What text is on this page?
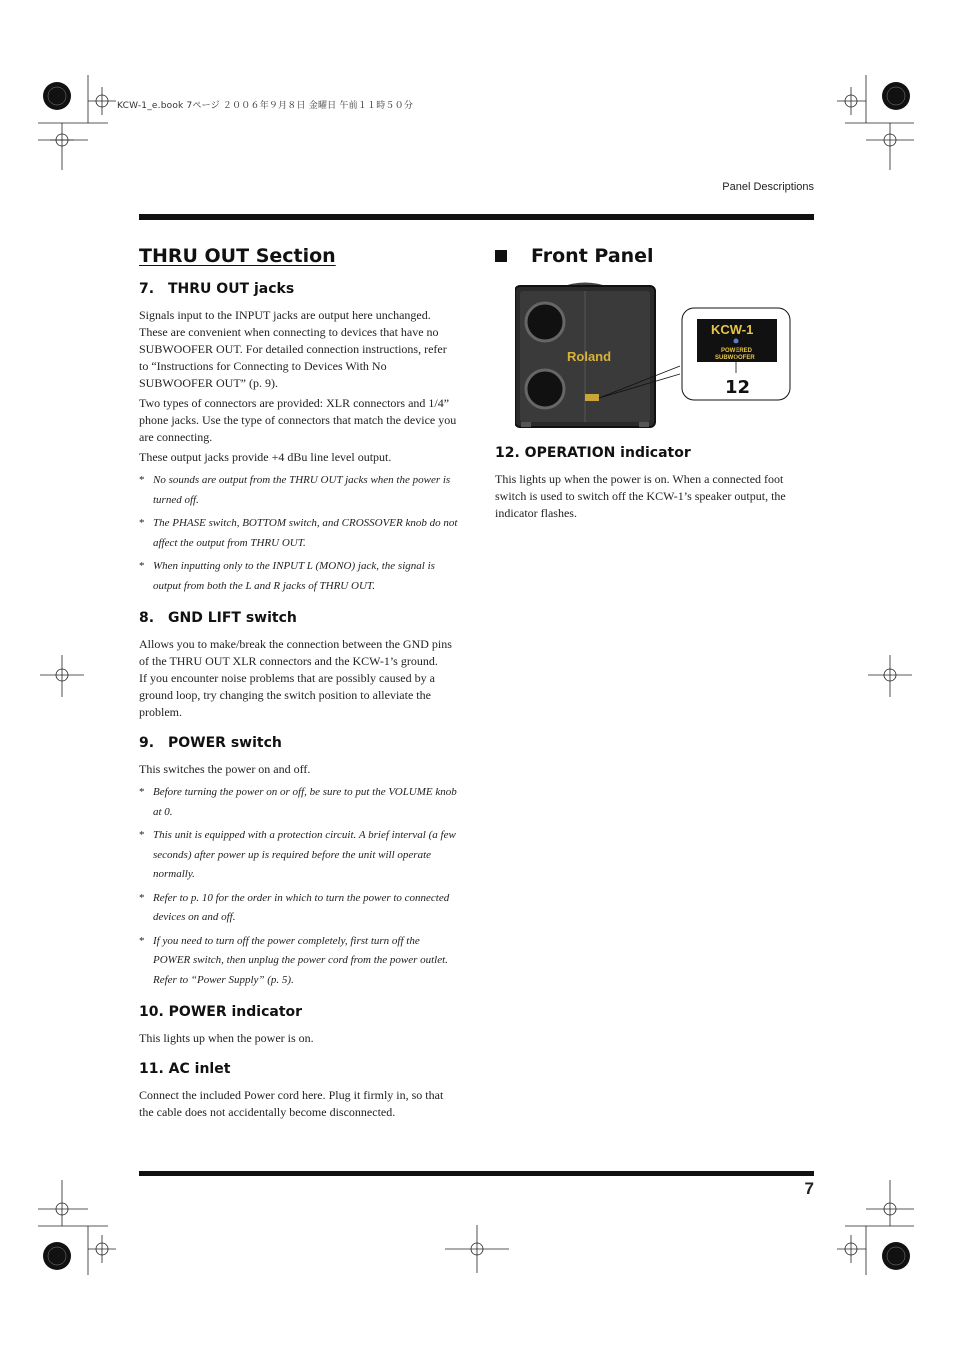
KCW-1_e.book 7ページ ２００６年９月８日 金曜日 午前１１時５０分
Panel Descriptions
THRU OUT Section
7. THRU OUT jacks

Signals input to the INPUT jacks are output here unchanged. These are convenient when connecting to devices that have no SUBWOOFER OUT. For detailed connection instructions, refer to “Instructions for Connecting to Devices With No SUBWOOFER OUT” (p. 9).

Two types of connectors are provided: XLR connectors and 1/4” phone jacks. Use the type of connectors that match the device you are connecting.

These output jacks provide +4 dBu line level output.

* No sounds are output from the THRU OUT jacks when the power is turned off.
* The PHASE switch, BOTTOM switch, and CROSSOVER knob do not affect the output from THRU OUT.
* When inputting only to the INPUT L (MONO) jack, the signal is output from both the L and R jacks of THRU OUT.
8. GND LIFT switch

Allows you to make/break the connection between the GND pins of the THRU OUT XLR connectors and the KCW-1’s ground.

If you encounter noise problems that are possibly caused by a ground loop, try changing the switch position to alleviate the problem.

9. POWER switch

This switches the power on and off.

* Before turning the power on or off, be sure to put the VOLUME knob at 0.
* This unit is equipped with a protection circuit. A brief interval (a few seconds) after power up is required before the unit will operate normally.
* Refer to p. 10 for the order in which to turn the power to connected devices on and off.
* If you need to turn off the power completely, first turn off the POWER switch, then unplug the power cord from the power outlet. Refer to “Power Supply” (p. 5).
10. POWER indicator

This lights up when the power is on.

11. AC inlet

Connect the included Power cord here. Plug it firmly in, so that the cable does not accidentally become disconnected.

Front Panel
Roland
KCW-1
POWERED
SUBWOOFER
12
12. OPERATION indicator

This lights up when the power is on. When a connected foot switch is used to switch off the KCW-1’s speaker output, the indicator flashes.

7
